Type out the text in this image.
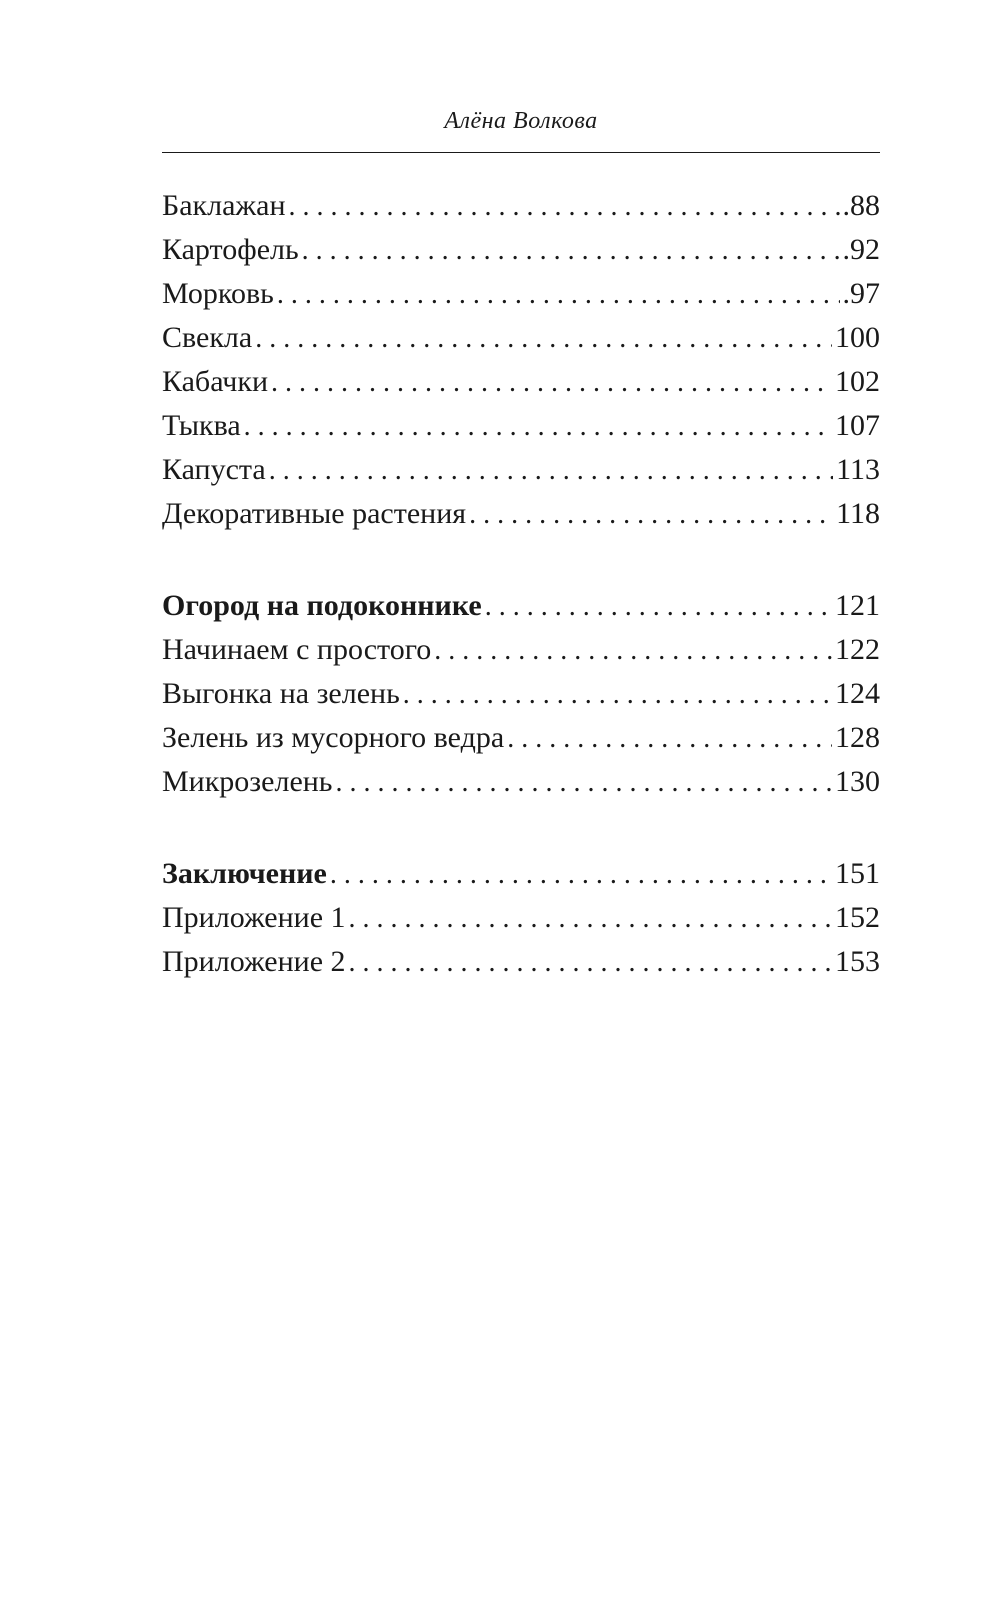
Алёна Волкова
Баклажан . . .	.88
Картофель . . .	.92
Морковь . . .	.97
Свекла . . .	100
Кабачки . . .	102
Тыква . . .	107
Капуста . . .	113
Декоративные растения . . .	118
Огород на подоконнике . . .	121
Начинаем с простого . . .	122
Выгонка на зелень . . .	124
Зелень из мусорного ведра . . .	128
Микрозелень . . .	130
Заключение . . .	151
Приложение 1 . . .	152
Приложение 2 . . .	153
